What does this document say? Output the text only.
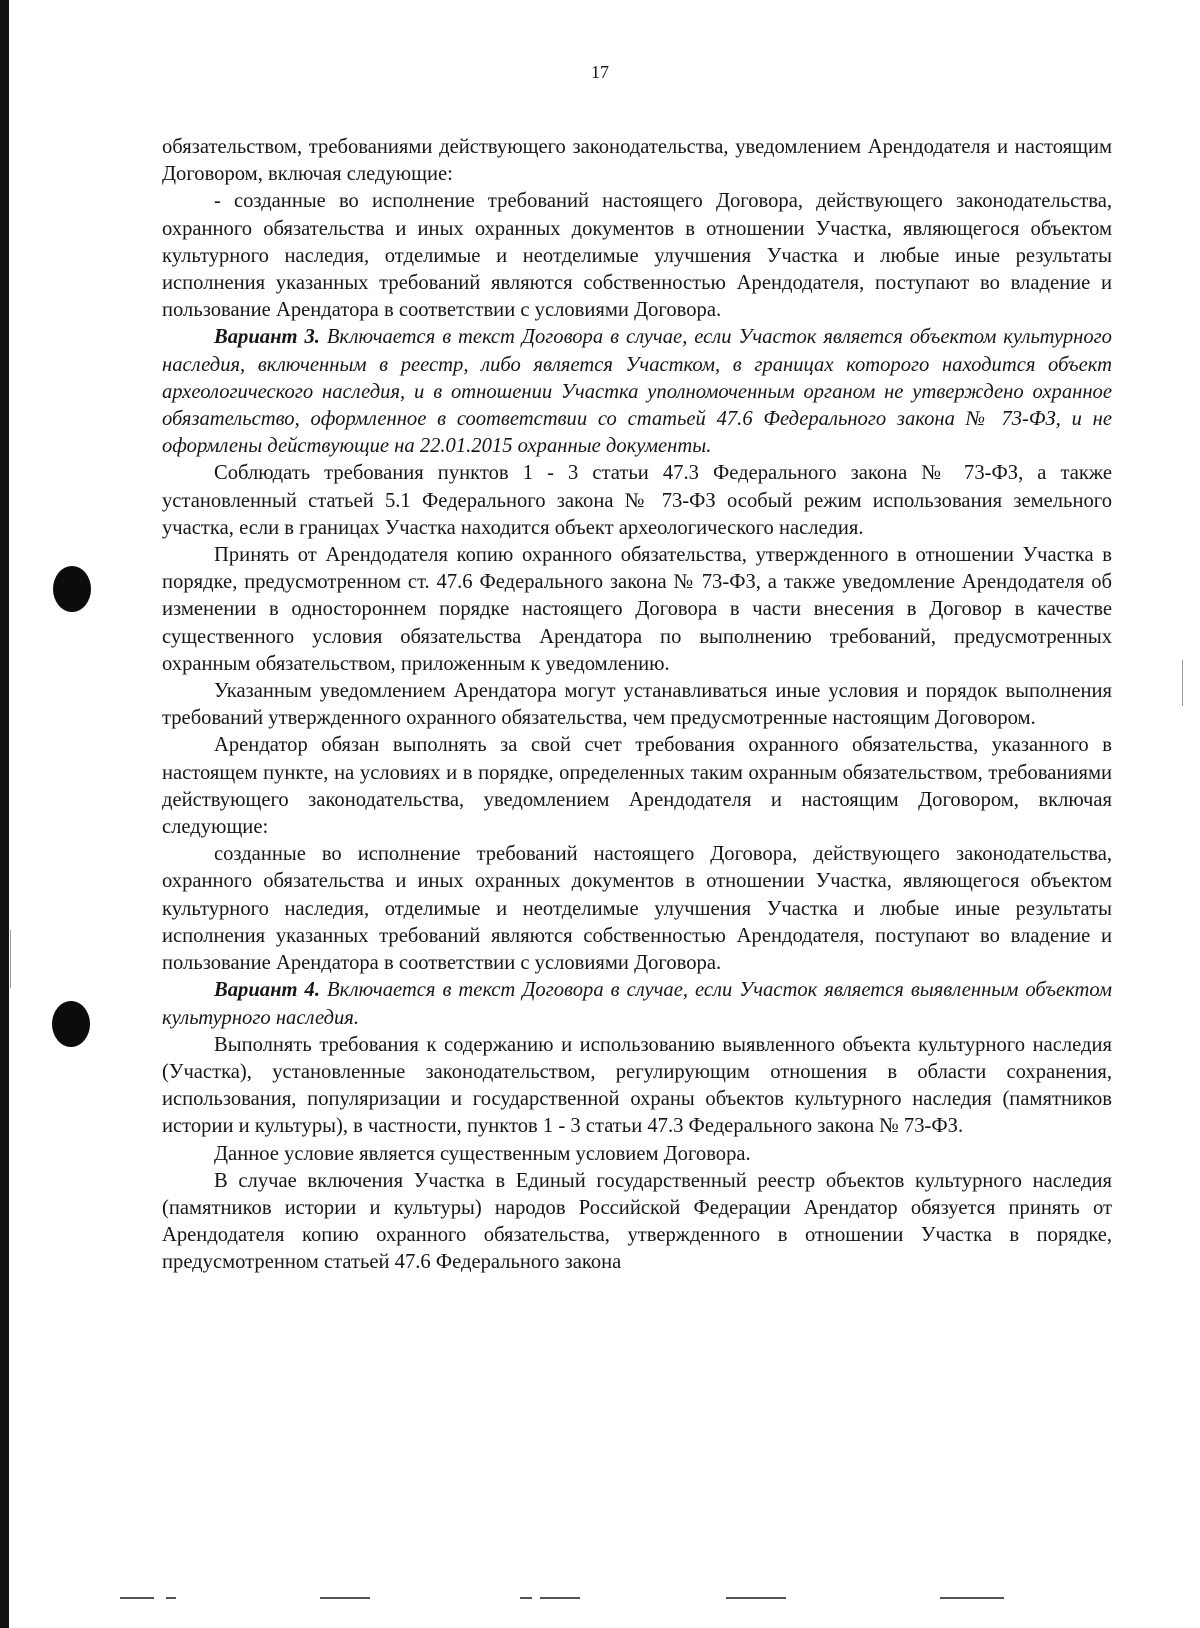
17

обязательством, требованиями действующего законодательства, уведомлением Арендодателя и настоящим Договором, включая следующие:

- созданные во исполнение требований настоящего Договора, действующего законодательства, охранного обязательства и иных охранных документов в отношении Участка, являющегося объектом культурного наследия, отделимые и неотделимые улучшения Участка и любые иные результаты исполнения указанных требований являются собственностью Арендодателя, поступают во владение и пользование Арендатора в соответствии с условиями Договора.

Вариант 3. Включается в текст Договора в случае, если Участок является объектом культурного наследия, включенным в реестр, либо является Участком, в границах которого находится объект археологического наследия, и в отношении Участка уполномоченным органом не утверждено охранное обязательство, оформленное в соответствии со статьей 47.6 Федерального закона № 73-ФЗ, и не оформлены действующие на 22.01.2015 охранные документы.

Соблюдать требования пунктов 1 - 3 статьи 47.3 Федерального закона № 73-ФЗ, а также установленный статьей 5.1 Федерального закона № 73-ФЗ особый режим использования земельного участка, если в границах Участка находится объект археологического наследия.

Принять от Арендодателя копию охранного обязательства, утвержденного в отношении Участка в порядке, предусмотренном ст. 47.6 Федерального закона № 73-ФЗ, а также уведомление Арендодателя об изменении в одностороннем порядке настоящего Договора в части внесения в Договор в качестве существенного условия обязательства Арендатора по выполнению требований, предусмотренных охранным обязательством, приложенным к уведомлению.

Указанным уведомлением Арендатора могут устанавливаться иные условия и порядок выполнения требований утвержденного охранного обязательства, чем предусмотренные настоящим Договором.

Арендатор обязан выполнять за свой счет требования охранного обязательства, указанного в настоящем пункте, на условиях и в порядке, определенных таким охранным обязательством, требованиями действующего законодательства, уведомлением Арендодателя и настоящим Договором, включая следующие:

созданные во исполнение требований настоящего Договора, действующего законодательства, охранного обязательства и иных охранных документов в отношении Участка, являющегося объектом культурного наследия, отделимые и неотделимые улучшения Участка и любые иные результаты исполнения указанных требований являются собственностью Арендодателя, поступают во владение и пользование Арендатора в соответствии с условиями Договора.

Вариант 4. Включается в текст Договора в случае, если Участок является выявленным объектом культурного наследия.

Выполнять требования к содержанию и использованию выявленного объекта культурного наследия (Участка), установленные законодательством, регулирующим отношения в области сохранения, использования, популяризации и государственной охраны объектов культурного наследия (памятников истории и культуры), в частности, пунктов 1 - 3 статьи 47.3 Федерального закона № 73-ФЗ.

Данное условие является существенным условием Договора.

В случае включения Участка в Единый государственный реестр объектов культурного наследия (памятников истории и культуры) народов Российской Федерации Арендатор обязуется принять от Арендодателя копию охранного обязательства, утвержденного в отношении Участка в порядке, предусмотренном статьей 47.6 Федерального закона
